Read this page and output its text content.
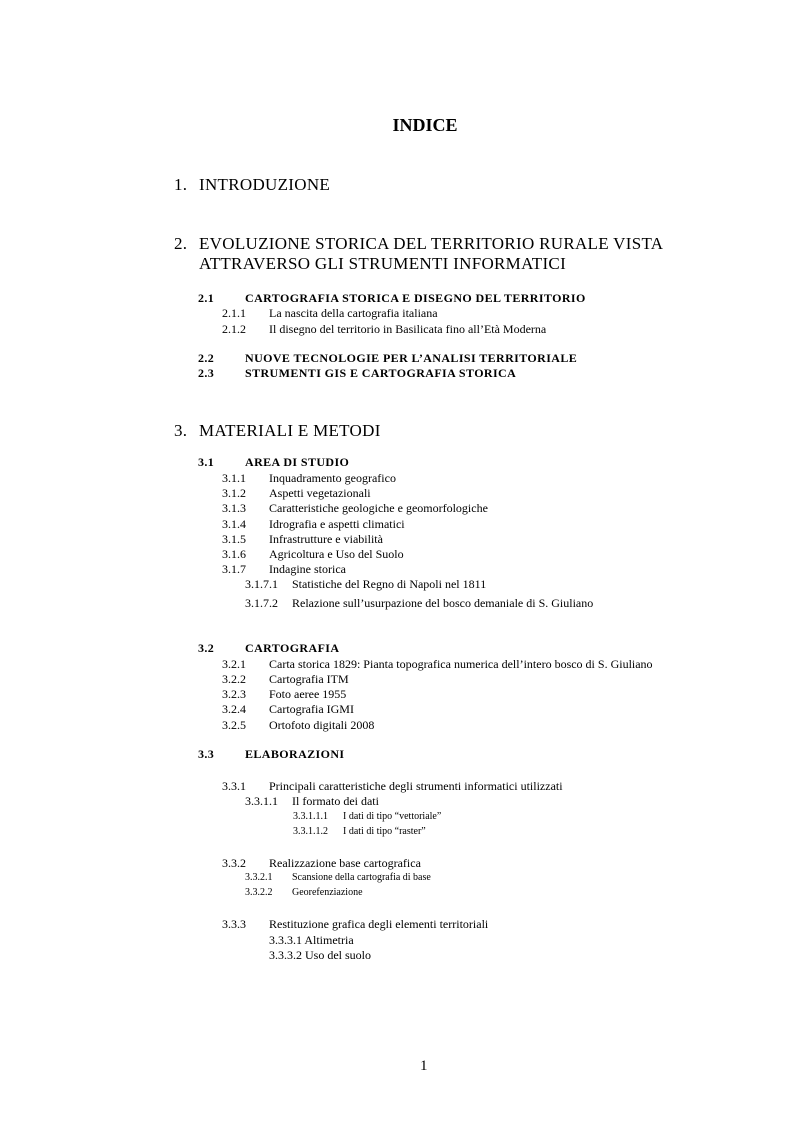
INDICE
1. INTRODUZIONE
2. EVOLUZIONE STORICA DEL TERRITORIO RURALE VISTA
ATTRAVERSO GLI STRUMENTI INFORMATICI
2.1	CARTOGRAFIA STORICA E DISEGNO DEL TERRITORIO
2.1.1 La nascita della cartografia italiana
2.1.2 Il disegno del territorio in Basilicata fino all’Età Moderna
2.2	NUOVE TECNOLOGIE PER L’ANALISI TERRITORIALE
2.3	STRUMENTI GIS E CARTOGRAFIA STORICA
3. MATERIALI E METODI
3.1	AREA DI STUDIO
3.1.1 Inquadramento geografico
3.1.2 Aspetti vegetazionali
3.1.3 Caratteristiche geologiche e geomorfologiche
3.1.4 Idrografia e aspetti climatici
3.1.5 Infrastrutture e viabilità
3.1.6 Agricoltura e Uso del Suolo
3.1.7 Indagine storica
3.1.7.1 Statistiche del Regno di Napoli nel 1811
3.1.7.2 Relazione sull’usurpazione del bosco demaniale di S. Giuliano
3.2	CARTOGRAFIA
3.2.1 Carta storica 1829: Pianta topografica numerica dell’intero bosco di S. Giuliano
3.2.2 Cartografia ITM
3.2.3 Foto aeree 1955
3.2.4 Cartografia IGMI
3.2.5 Ortofoto digitali 2008
3.3	ELABORAZIONI
3.3.1 Principali caratteristiche degli strumenti informatici utilizzati
3.3.1.1 Il formato dei dati
3.3.1.1.1 I dati di tipo “vettoriale”
3.3.1.1.2 I dati di tipo “raster”
3.3.2 Realizzazione base cartografica
3.3.2.1 Scansione della cartografia di base
3.3.2.2 Georefenziazione
3.3.3 Restituzione grafica degli elementi territoriali
3.3.3.1 Altimetria
3.3.3.2 Uso del suolo
1
